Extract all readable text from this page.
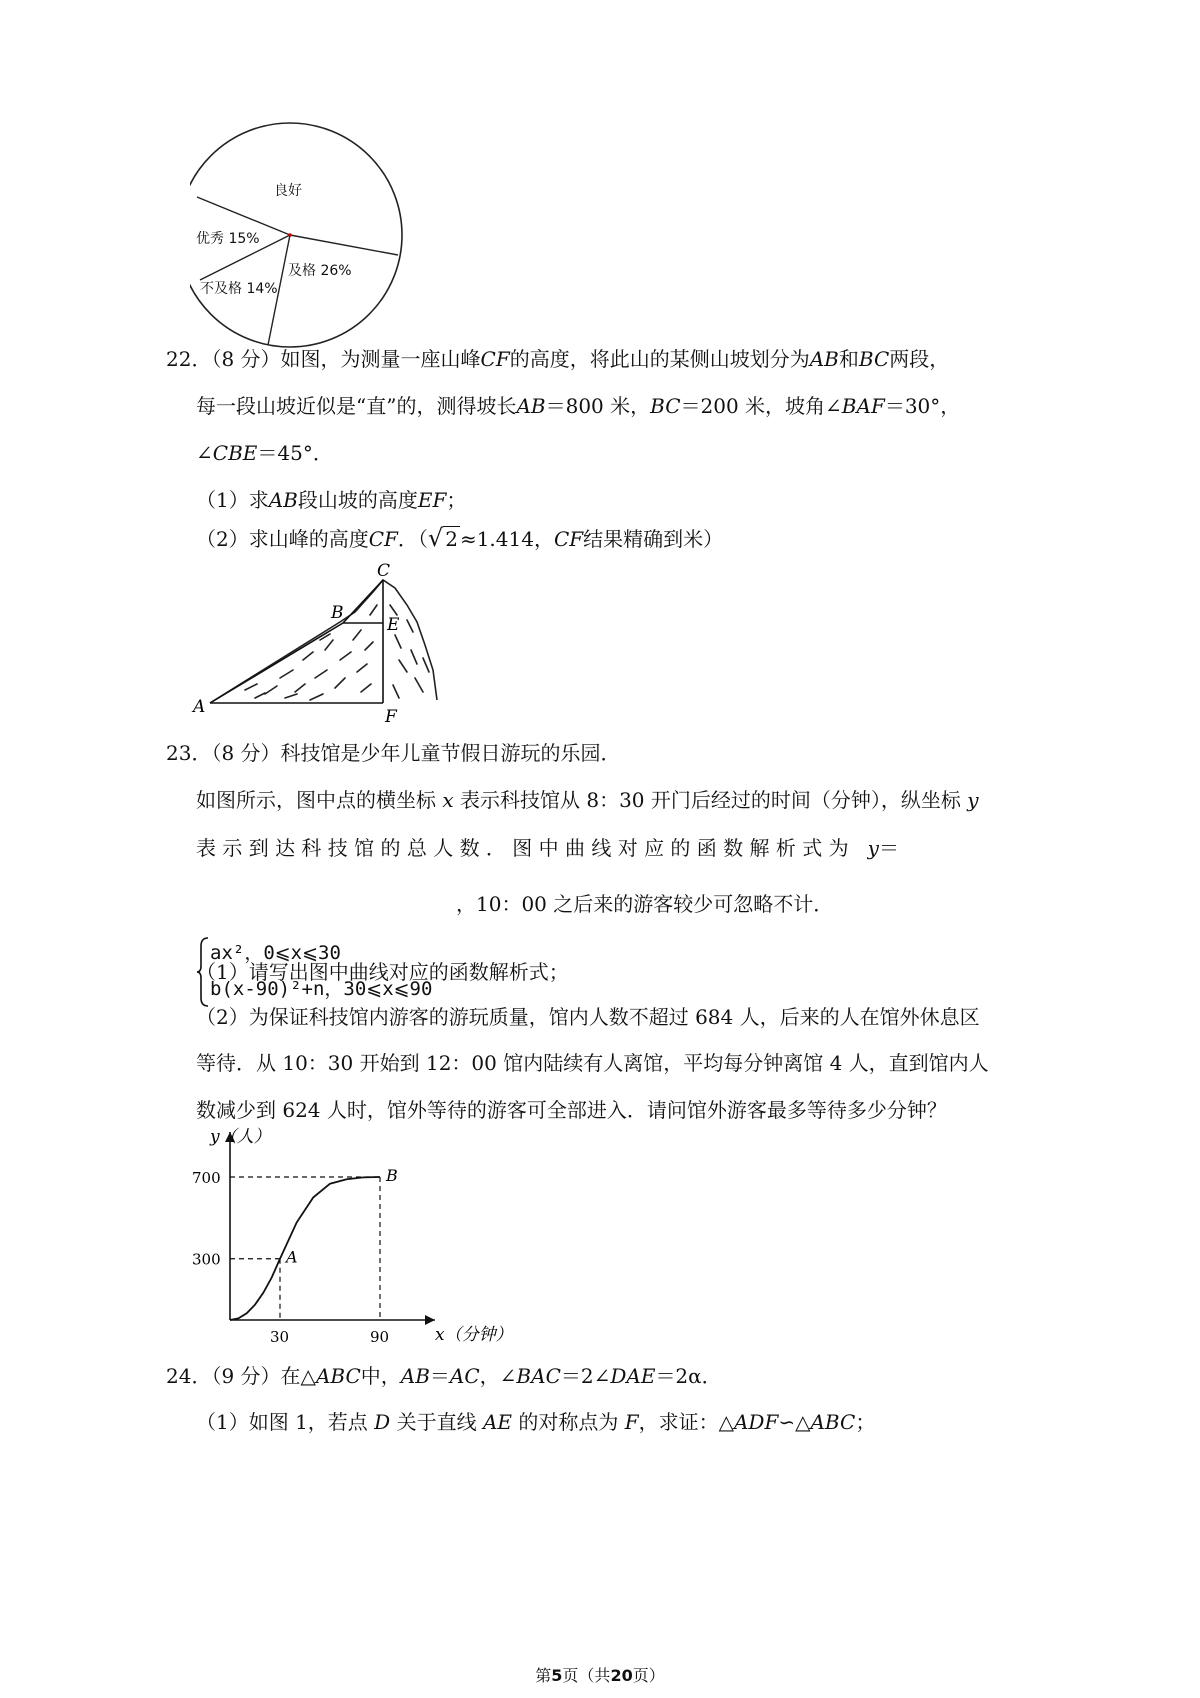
良好
优秀 15%
不及格 14%
及格 26%
22．（8 分）如图，为测量一座山峰CF的高度，将此山的某侧山坡划分为AB和BC两段，
每一段山坡近似是“直”的，测得坡长AB＝800 米，BC＝200 米，坡角∠BAF＝30°，
∠CBE＝45°．
（1）求AB段山坡的高度EF；
（2）求山峰的高度CF．（√ 2 ≈1.414，CF结果精确到米）
A
B
C
E
F
23．（8 分）科技馆是少年儿童节假日游玩的乐园．
如图所示，图中点的横坐标 x 表示科技馆从 8：30 开门后经过的时间（分钟），纵坐标 y
表 示 到 达 科 技 馆 的 总 人 数 ． 图 中 曲 线 对 应 的 函 数 解 析 式 为 y＝
ax²，0⩽x⩽30
b(x-90)²+n，30⩽x⩽90
，10：00 之后来的游客较少可忽略不计．
（1）请写出图中曲线对应的函数解析式；
（2）为保证科技馆内游客的游玩质量，馆内人数不超过 684 人，后来的人在馆外休息区
等待．从 10：30 开始到 12：00 馆内陆续有人离馆，平均每分钟离馆 4 人，直到馆内人
数减少到 624 人时，馆外等待的游客可全部进入．请问馆外游客最多等待多少分钟？
x（分钟）
y（人）
30	90
300
700
A
B
24．（9 分）在△ABC中，AB＝AC，∠BAC＝2∠DAE＝2α．
（1）如图 1，若点 D 关于直线 AE 的对称点为 F，求证：△ADF∽△ABC；
第5页（共20页）
